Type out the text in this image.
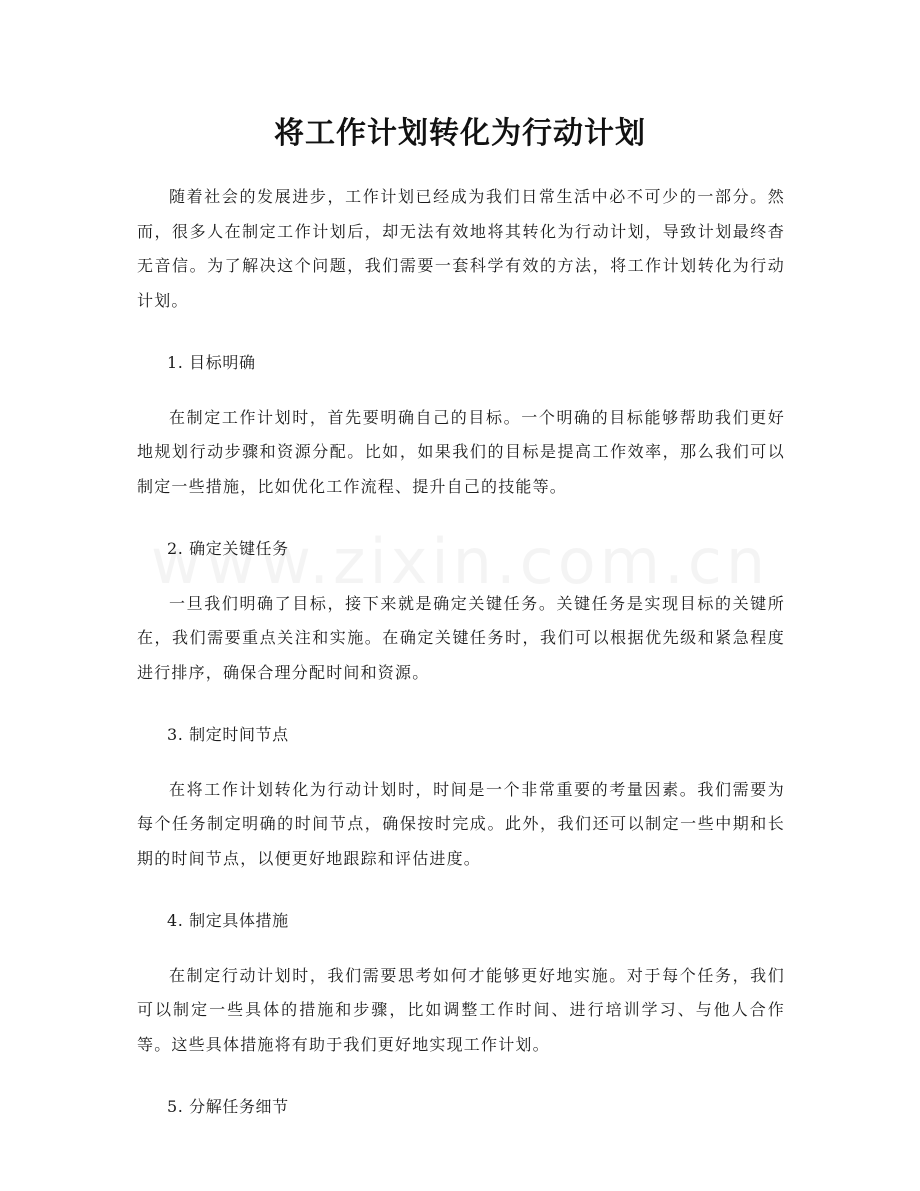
将工作计划转化为行动计划

随着社会的发展进步，工作计划已经成为我们日常生活中必不可少的一部分。然而，很多人在制定工作计划后，却无法有效地将其转化为行动计划，导致计划最终杳无音信。为了解决这个问题，我们需要一套科学有效的方法，将工作计划转化为行动计划。

1. 目标明确

在制定工作计划时，首先要明确自己的目标。一个明确的目标能够帮助我们更好地规划行动步骤和资源分配。比如，如果我们的目标是提高工作效率，那么我们可以制定一些措施，比如优化工作流程、提升自己的技能等。

2. 确定关键任务

一旦我们明确了目标，接下来就是确定关键任务。关键任务是实现目标的关键所在，我们需要重点关注和实施。在确定关键任务时，我们可以根据优先级和紧急程度进行排序，确保合理分配时间和资源。

3. 制定时间节点

在将工作计划转化为行动计划时，时间是一个非常重要的考量因素。我们需要为每个任务制定明确的时间节点，确保按时完成。此外，我们还可以制定一些中期和长期的时间节点，以便更好地跟踪和评估进度。

4. 制定具体措施

在制定行动计划时，我们需要思考如何才能够更好地实施。对于每个任务，我们可以制定一些具体的措施和步骤，比如调整工作时间、进行培训学习、与他人合作等。这些具体措施将有助于我们更好地实现工作计划。

5. 分解任务细节
